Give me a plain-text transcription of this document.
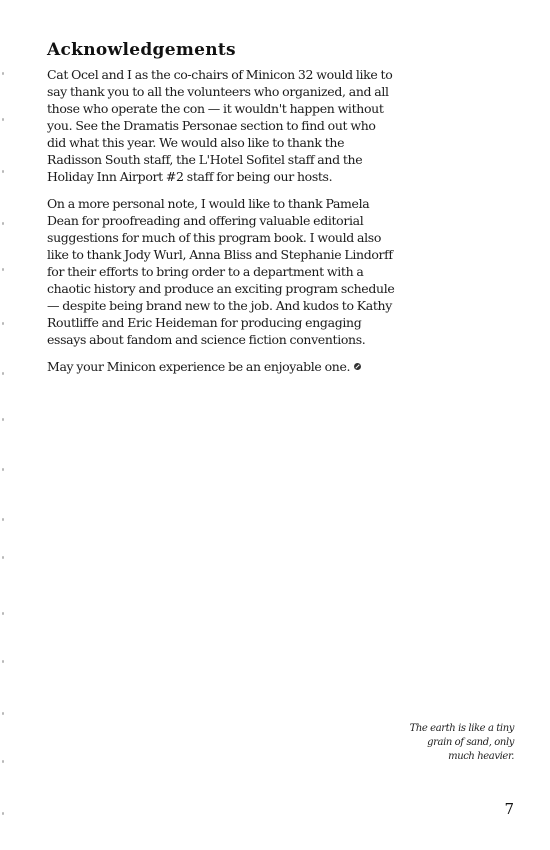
Acknowledgements

Cat Ocel and I as the co-chairs of Minicon 32 would like to say thank you to all the volunteers who organized, and all those who operate the con — it wouldn't happen without you. See the Dramatis Personae section to find out who did what this year. We would also like to thank the Radisson South staff, the L'Hotel Sofitel staff and the Holiday Inn Airport #2 staff for being our hosts.

On a more personal note, I would like to thank Pamela Dean for proofreading and offering valuable editorial suggestions for much of this program book. I would also like to thank Jody Wurl, Anna Bliss and Stephanie Lindorff for their efforts to bring order to a department with a chaotic history and produce an exciting program schedule — despite being brand new to the job. And kudos to Kathy Routliffe and Eric Heideman for producing engaging essays about fandom and science fiction conventions.

May your Minicon experience be an enjoyable one.

The earth is like a tiny
grain of sand, only
much heavier.
7
